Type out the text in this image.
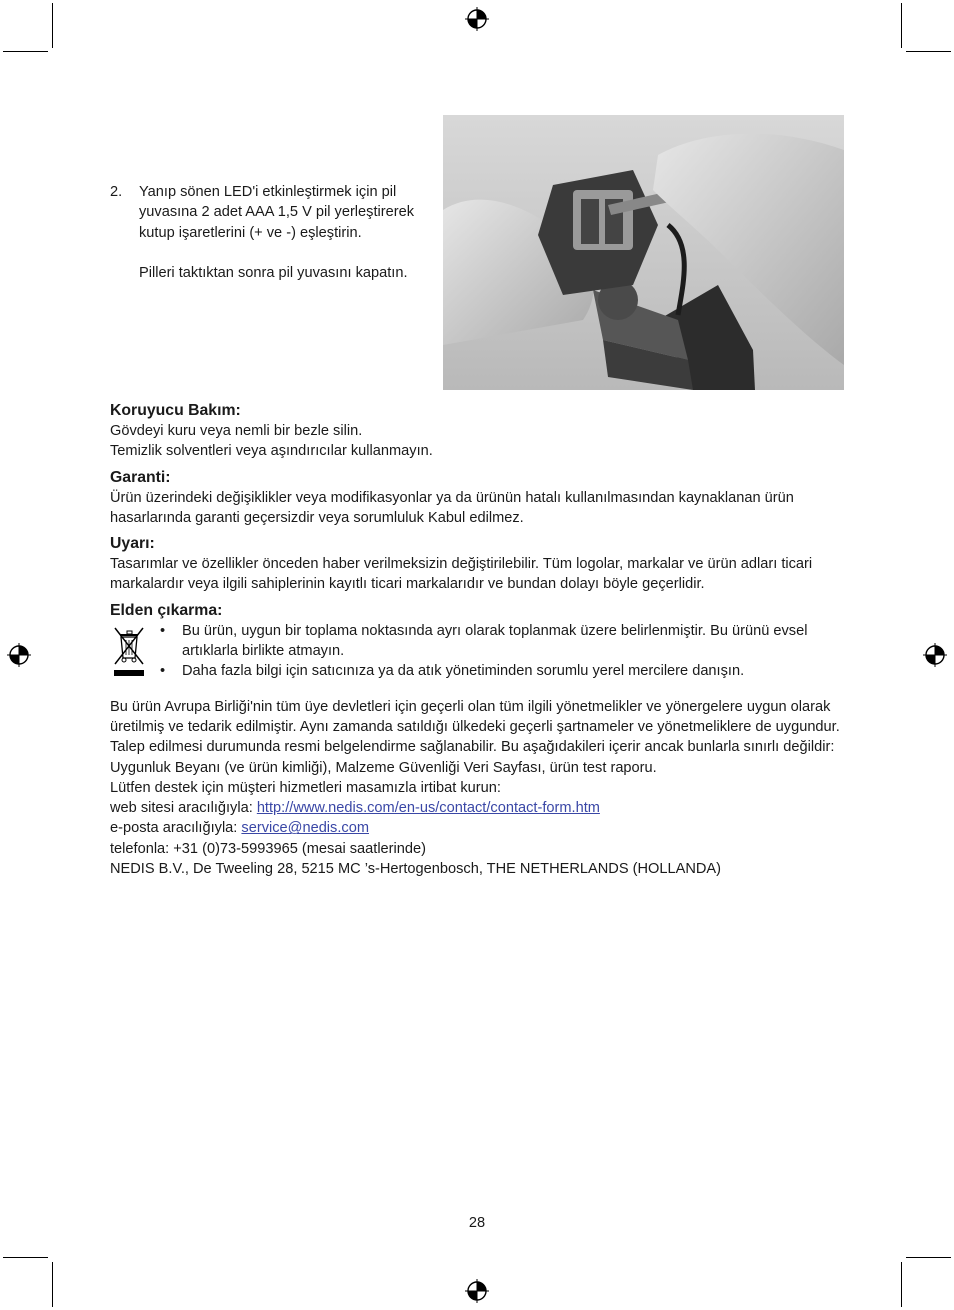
2. Yanıp sönen LED'i etkinleştirmek için pil yuvasına 2 adet AAA 1,5 V pil yerleştirerek kutup işaretlerini (+ ve -) eşleştirin.

Pilleri taktıktan sonra pil yuvasını kapatın.

Koruyucu Bakım:

Gövdeyi kuru veya nemli bir bezle silin.

Temizlik solventleri veya aşındırıcılar kullanmayın.

Garanti:

Ürün üzerindeki değişiklikler veya modifikasyonlar ya da ürünün hatalı kullanılmasından kaynaklanan ürün hasarlarında garanti geçersizdir veya sorumluluk Kabul edilmez.

Uyarı:

Tasarımlar ve özellikler önceden haber verilmeksizin değiştirilebilir. Tüm logolar, markalar ve ürün adları ticari markalardır veya ilgili sahiplerinin kayıtlı ticari markalarıdır ve bundan dolayı böyle geçerlidir.

Elden çıkarma:
• Bu ürün, uygun bir toplama noktasında ayrı olarak toplanmak üzere belirlenmiştir. Bu ürünü evsel artıklarla birlikte atmayın.
• Daha fazla bilgi için satıcınıza ya da atık yönetiminden sorumlu yerel mercilere danışın.

Bu ürün Avrupa Birliği'nin tüm üye devletleri için geçerli olan tüm ilgili yönetmelikler ve yönergelere uygun olarak üretilmiş ve tedarik edilmiştir. Aynı zamanda satıldığı ülkedeki geçerli şartnameler ve yönetmeliklere de uygundur.

Talep edilmesi durumunda resmi belgelendirme sağlanabilir. Bu aşağıdakileri içerir ancak bunlarla sınırlı değildir: Uygunluk Beyanı (ve ürün kimliği), Malzeme Güvenliği Veri Sayfası, ürün test raporu.

Lütfen destek için müşteri hizmetleri masamızla irtibat kurun:

web sitesi aracılığıyla: http://www.nedis.com/en-us/contact/contact-form.htm

e-posta aracılığıyla: service@nedis.com

telefonla: +31 (0)73-5993965 (mesai saatlerinde)

NEDIS B.V., De Tweeling 28, 5215 MC ’s-Hertogenbosch, THE NETHERLANDS (HOLLANDA)

28
